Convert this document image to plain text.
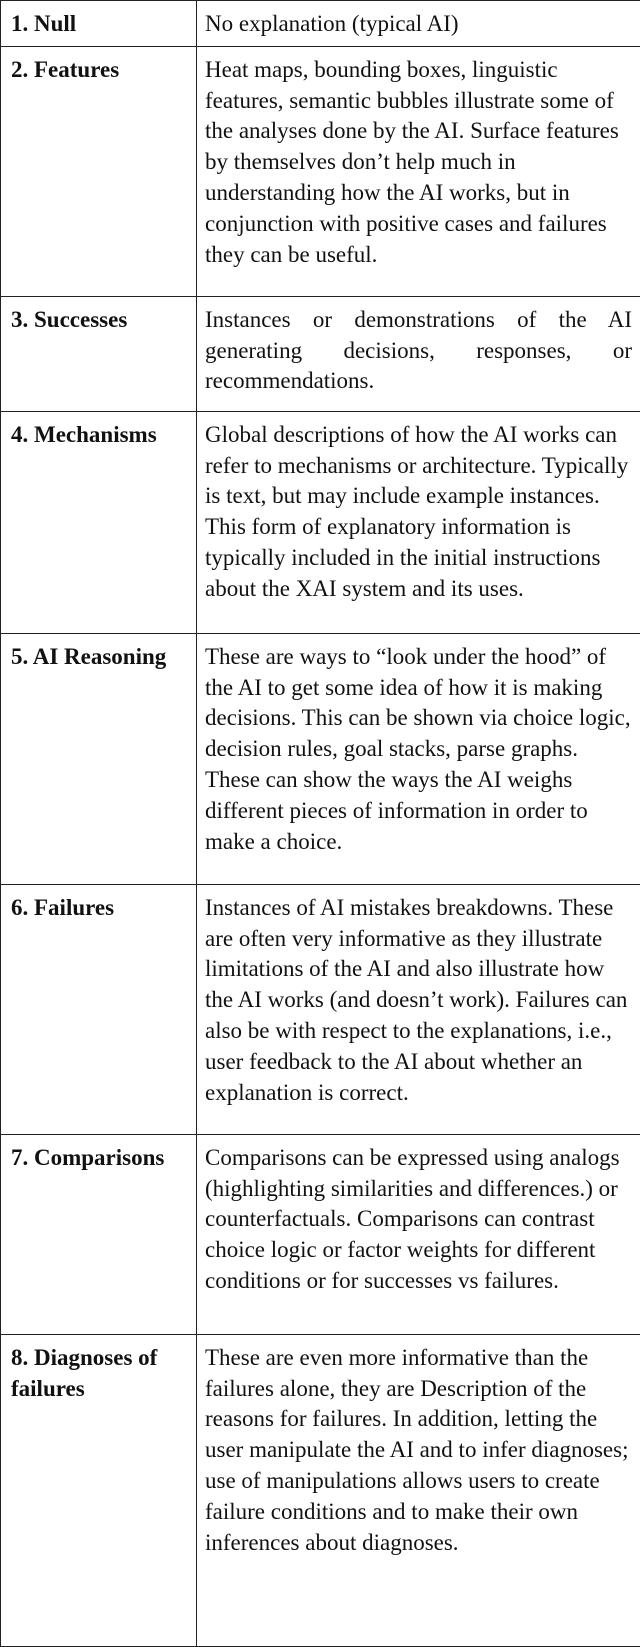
1. Null	No explanation (typical AI)
2. Features	Heat maps, bounding boxes, linguistic features, semantic bubbles illustrate some of the analyses done by the AI. Surface features by themselves don’t help much in understanding how the AI works, but in conjunction with positive cases and failures they can be useful.
3. Successes	Instances or demonstrations of the AI generating decisions, responses, or recommendations.
4. Mechanisms	Global descriptions of how the AI works can refer to mechanisms or architecture. Typically is text, but may include example instances. This form of explanatory information is typically included in the initial instructions about the XAI system and its uses.
5. AI Reasoning	These are ways to “look under the hood” of the AI to get some idea of how it is making decisions. This can be shown via choice logic, decision rules, goal stacks, parse graphs. These can show the ways the AI weighs different pieces of information in order to make a choice.
6. Failures	Instances of AI mistakes breakdowns. These are often very informative as they illustrate limitations of the AI and also illustrate how the AI works (and doesn’t work). Failures can also be with respect to the explanations, i.e., user feedback to the AI about whether an explanation is correct.
7. Comparisons	Comparisons can be expressed using analogs (highlighting similarities and differences.) or counterfactuals. Comparisons can contrast choice logic or factor weights for different conditions or for successes vs failures.
8. Diagnoses of failures	These are even more informative than the failures alone, they are Description of the reasons for failures. In addition, letting the user manipulate the AI and to infer diagnoses; use of manipulations allows users to create failure conditions and to make their own inferences about diagnoses.
